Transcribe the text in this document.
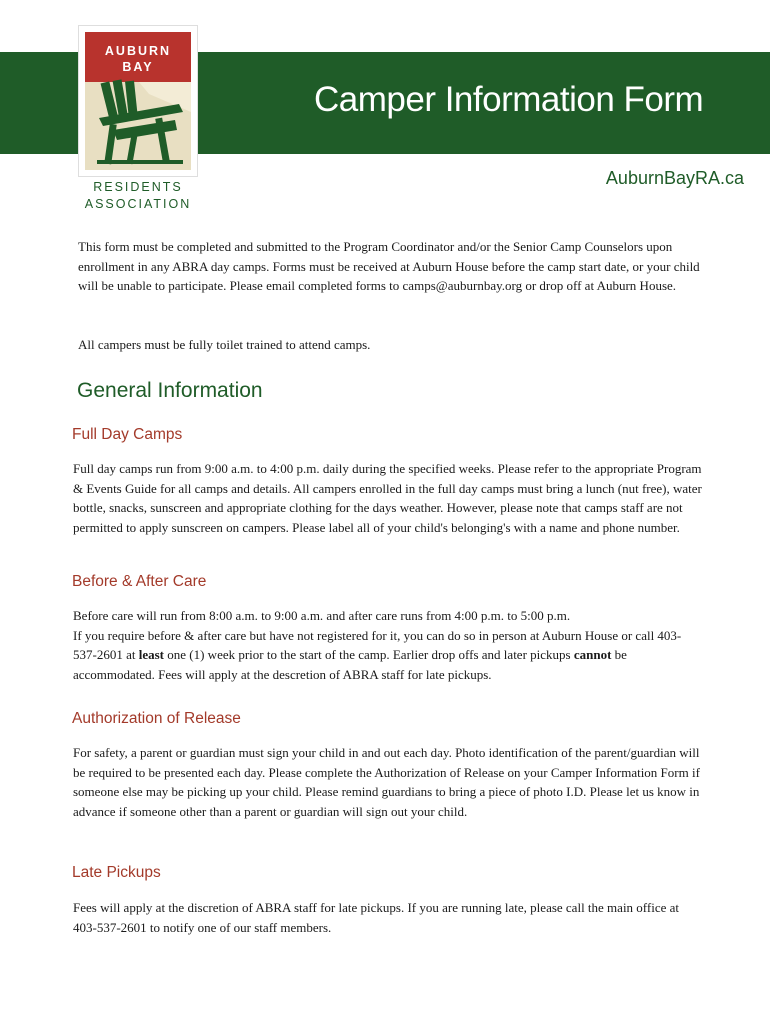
Camper Information Form
AuburnBayRA.ca
AUBURN
BAY
RESIDENTS
ASSOCIATION

This form must be completed and submitted to the Program Coordinator and/or the Senior Camp Counselors upon enrollment in any ABRA day camps. Forms must be received at Auburn House before the camp start date, or your child will be unable to participate. Please email completed forms to camps@auburnbay.org or drop off at Auburn House.

All campers must be fully toilet trained to attend camps.

General Information
Full Day Camps

Full day camps run from 9:00 a.m. to 4:00 p.m. daily during the specified weeks. Please refer to the appropriate Program & Events Guide for all camps and details. All campers enrolled in the full day camps must bring a lunch (nut free), water bottle, snacks, sunscreen and appropriate clothing for the days weather. However, please note that camps staff are not permitted to apply sunscreen on campers. Please label all of your child's belonging's with a name and phone number.

Before & After Care
Before care will run from 8:00 a.m. to 9:00 a.m. and after care runs from 4:00 p.m. to 5:00 p.m.
If you require before & after care but have not registered for it, you can do so in person at Auburn House or call 403-537-2601 at least one (1) week prior to the start of the camp. Earlier drop offs and later pickups cannot be accommodated. Fees will apply at the descretion of ABRA staff for late pickups.
Authorization of Release

For safety, a parent or guardian must sign your child in and out each day. Photo identification of the parent/guardian will be required to be presented each day. Please complete the Authorization of Release on your Camper Information Form if someone else may be picking up your child. Please remind guardians to bring a piece of photo I.D. Please let us know in advance if someone other than a parent or guardian will sign out your child.

Late Pickups

Fees will apply at the discretion of ABRA staff for late pickups. If you are running late, please call the main office at 403-537-2601 to notify one of our staff members.
